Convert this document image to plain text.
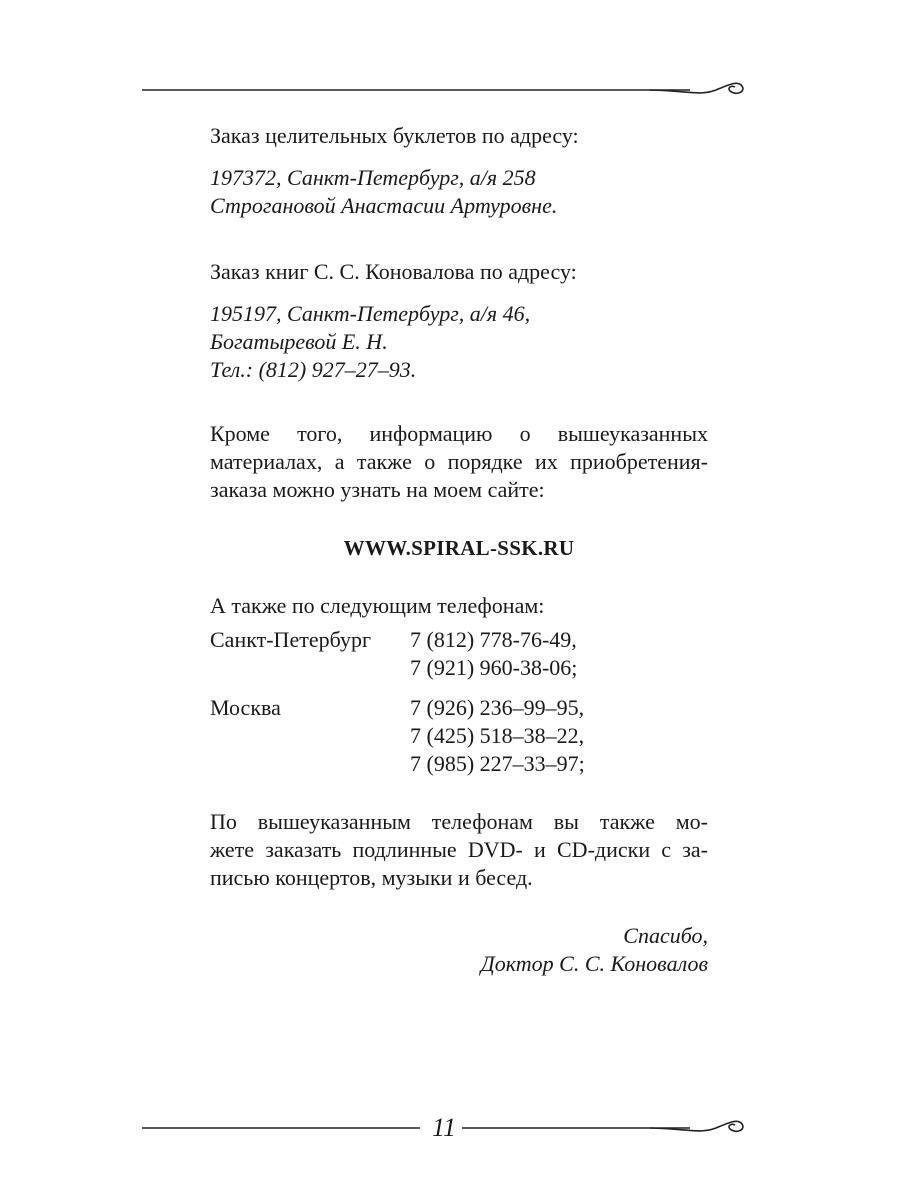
Заказ целительных буклетов по адресу:

197372, Санкт-Петербург, а/я 258

Строгановой Анастасии Артуровне.

Заказ книг С. С. Коновалова по адресу:

195197, Санкт-Петербург, а/я 46,

Богатыревой Е. Н.

Тел.: (812) 927–27–93.

Кроме того, информацию о вышеуказанных

материалах, а также о порядке их приобретения-

заказа можно узнать на моем сайте:

WWW.SPIRAL-SSK.RU

А также по следующим телефонам:

Санкт-Петербург	7 (812) 778-76-49,
7 (921) 960-38-06;
Москва	7 (926) 236–99–95,
7 (425) 518–38–22,
7 (985) 227–33–97;

По вышеуказанным телефонам вы также мо-

жете заказать подлинные DVD- и CD-диски с за-

писью концертов, музыки и бесед.

Спасибо,

Доктор С. С. Коновалов

11
